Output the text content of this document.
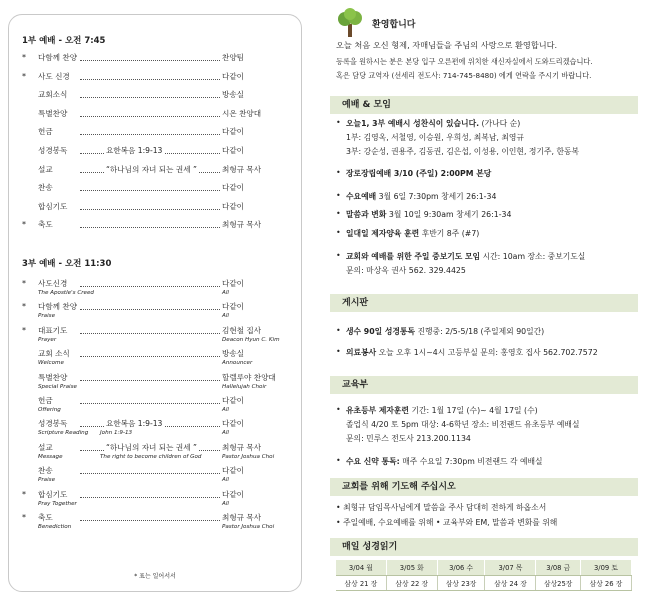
1부 예배 - 오전 7:45
* 다함께 찬양	찬양팀
* 사도 신경	다같이
교회소식	방송실
특별찬양	시온 찬양대
헌금	다같이
성경봉독	요한복음 1:9-13	다같이
설교	“하나님의 자녀 되는 권세 ”	최형규 목사
찬송	다같이
합심기도	다같이
* 축도	최형규 목사
3부 예배 - 오전 11:30
* 사도신경	다같이
The Apostle's Creed	All
* 다함께 찬양	다같이
Praise	All
* 대표기도	김현철 집사
Prayer	Deacon Hyun C. Kim
교회 소식	방송실
Welcome	Announcer
특별찬양	할렐루야 찬양대
Special Praise	Hallelujah Choir
헌금	다같이
Offering	All
성경봉독	요한복음 1:9-13	다같이
Scripture Reading John 1:9-13	All
설교	“하나님의 자녀 되는 권세 ”	최형규 목사
Message	The right to become children of God	Pastor Joshua Choi
찬송	다같이
Praise	All
* 합심기도	다같이
Pray Together	All
* 축도	최형규 목사
Benediction	Pastor Joshua Choi
* 표는 일어서서
환영합니다
오늘 처음 오신 형제, 자매님들을 주님의 사랑으로 환영합니다.
등록을 원하시는 분은 본당 입구 오른편에 위치한 새신자실에서 도와드리겠습니다.
혹은 담당 교역자 (선세리 전도사: 714-745-8480) 에게 연락을 주시기 바랍니다.
예배 & 모임
• 오늘1, 3부 예배시 성찬식이 있습니다. (가나다 순)
1부: 김영옥, 서철영, 이승원, 우희성, 최복남, 최영규
3부: 강순성, 권용주, 김동권, 김은섭, 이성용, 이인현, 정기주, 한동복
• 장로장립예배 3/10 (주일) 2:00PM 본당
• 수요예배 3월 6일 7:30pm 창세기 26:1-34
• 말씀과 변화 3월 10일 9:30am 창세기 26:1-34
• 일대일 제자양육 훈련 후반기 8주 (#7)
• 교회와 예배를 위한 주일 중보기도 모임 시간: 10am 장소: 중보기도실
문의: 마상옥 권사 562. 329.4425
게시판
• 생수 90일 성경통독 진행중: 2/5-5/18 (주일제외 90일간)
• 의료봉사 오늘 오후 1시~4시 고등부실 문의: 홍영호 집사 562.702.7572
교육부
• 유초등부 제자훈련 기간: 1월 17일 (수)~ 4월 17일 (수)
졸업식 4/20 토 5pm 대상: 4-6학년 장소: 비전랜드 유초등부 예배실
문의: 민루스 전도사 213.200.1134
• 수요 신약 통독: 매주 수요일 7:30pm 비전랜드 각 예배실
교회를 위해 기도해 주십시오
• 최형규 담임목사님에게 말씀을 주사 담대히 전하게 하옵소서
• 주일예배, 수요예배를 위해 • 교육부와 EM, 말씀과 변화를 위해
매일 성경읽기
3/04 월	3/05 화	3/06 수	3/07 목	3/08 금	3/09 토
삼상 21 장	삼상 22 장	삼상 23장	삼상 24 장	삼상25장	삼상 26 장
